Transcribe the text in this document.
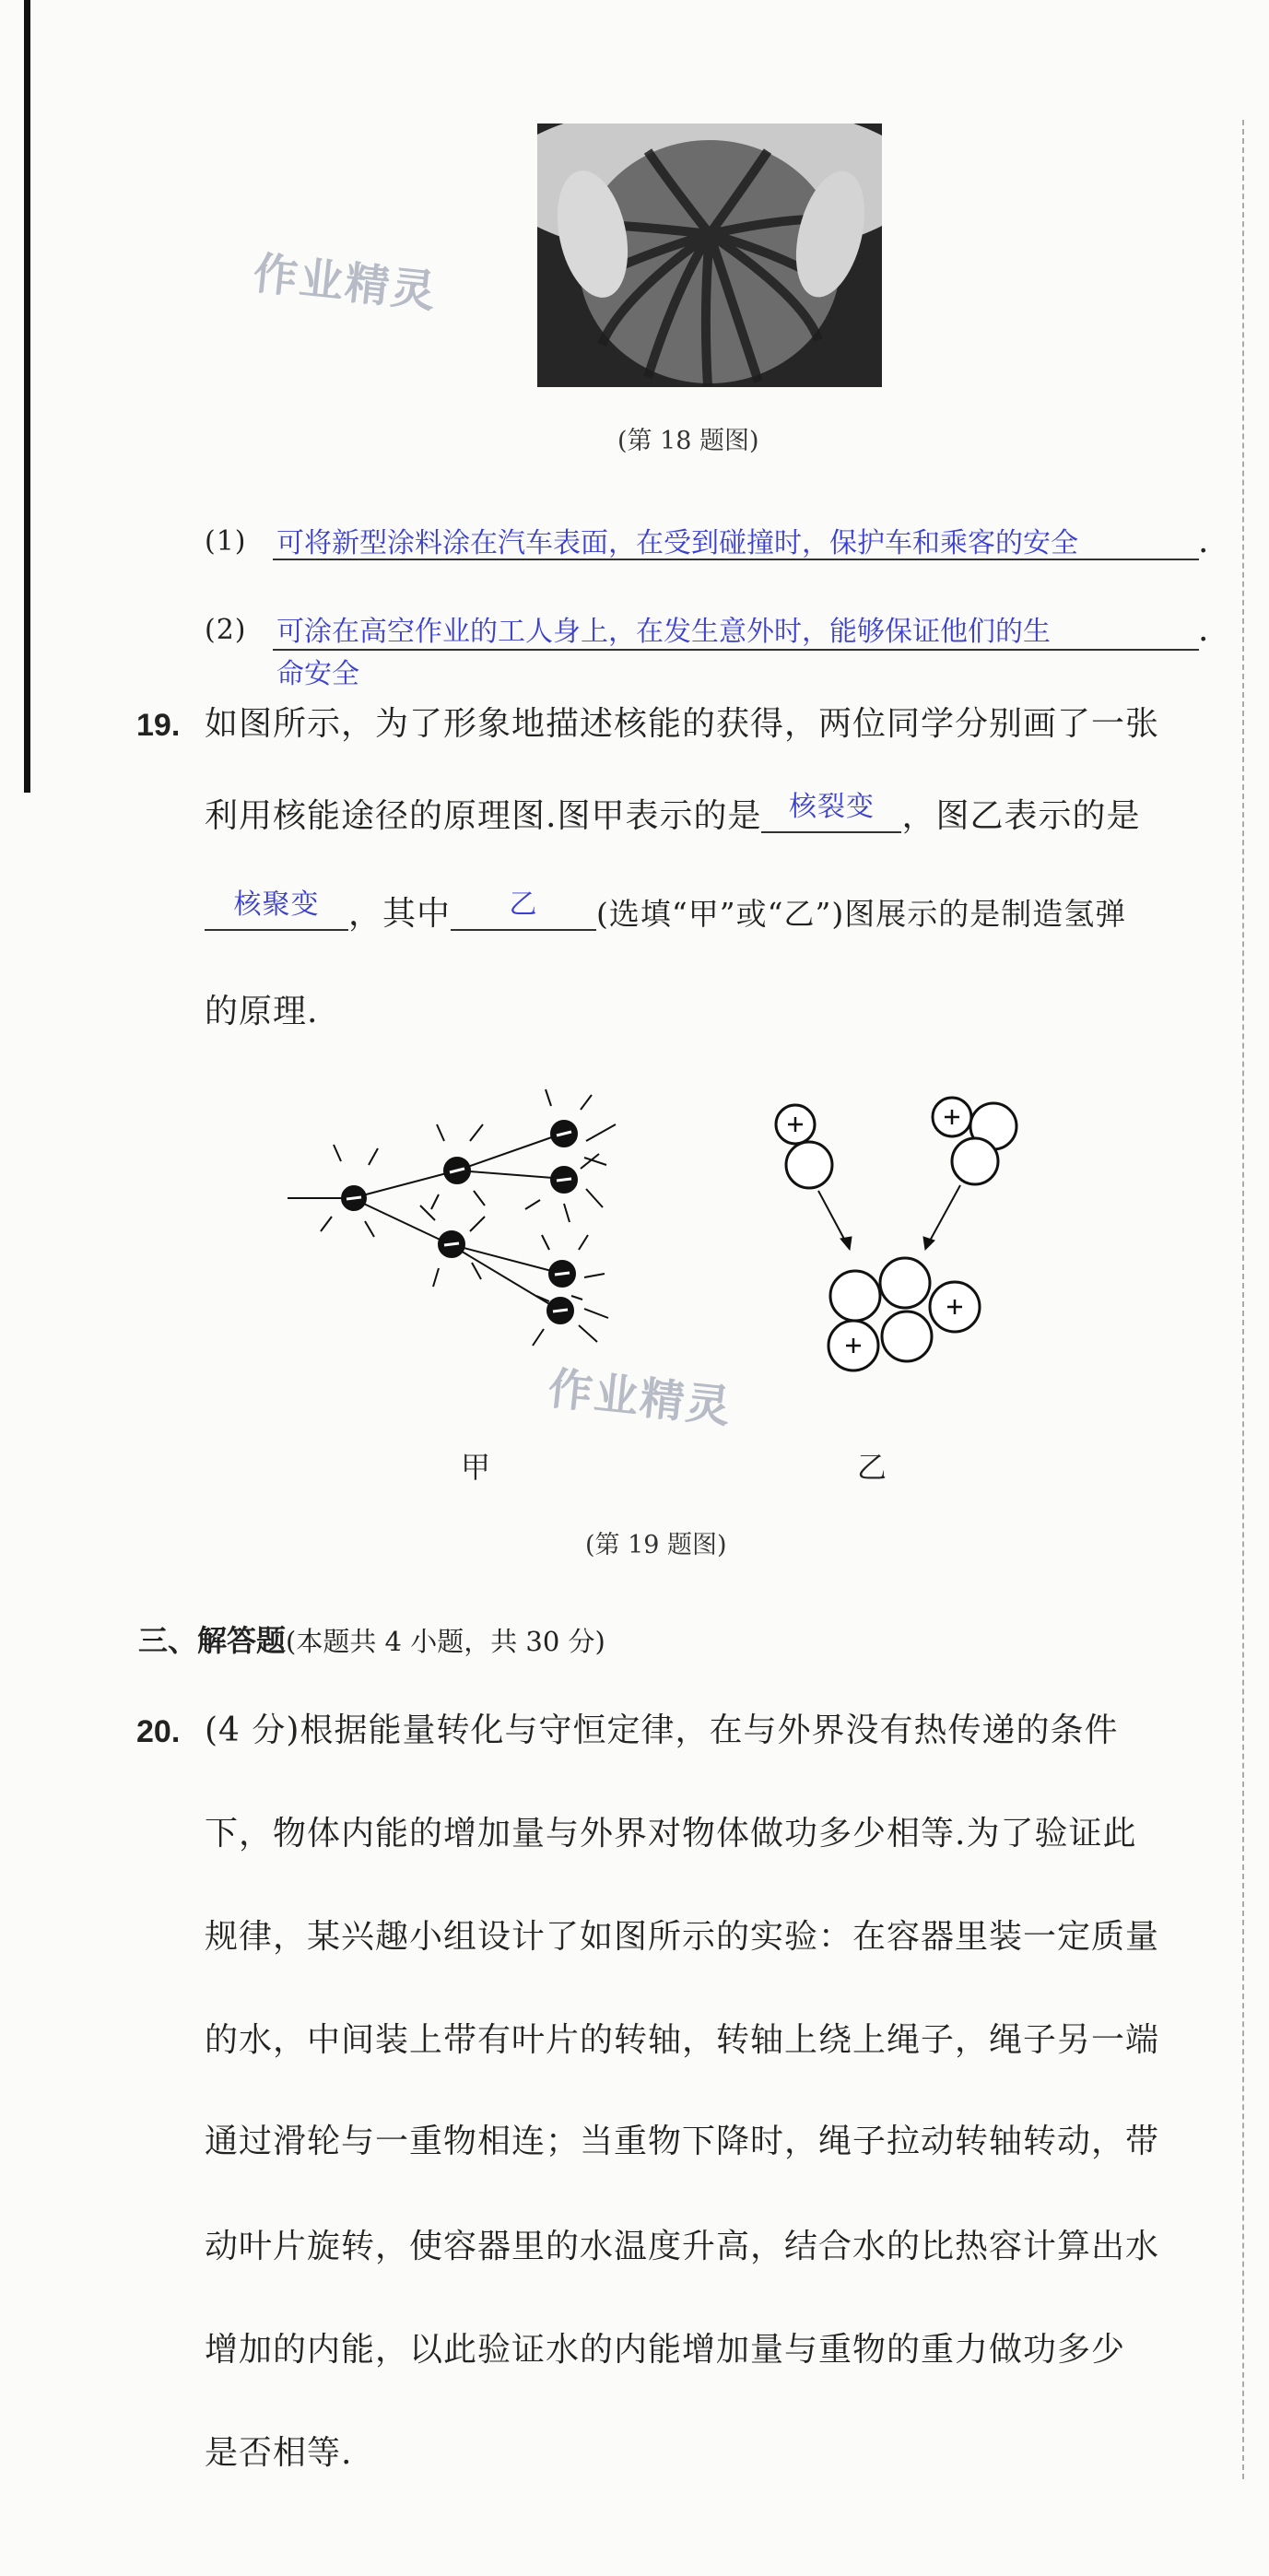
作业精灵
(第 18 题图)
(1) 可将新型涂料涂在汽车表面，在受到碰撞时，保护车和乘客的安全	.
(2) 可涂在高空作业的工人身上，在发生意外时，能够保证他们的生	.
命安全
19. 如图所示，为了形象地描述核能的获得，两位同学分别画了一张
利用核能途径的原理图.图甲表示的是 核裂变 ，图乙表示的是
核聚变 ，其中	乙	(选填“甲”或“乙”)图展示的是制造氢弹
的原理.
作业精灵
甲	乙
(第 19 题图)
三、解答题(本题共 4 小题，共 30 分)
20. (4 分)根据能量转化与守恒定律，在与外界没有热传递的条件
下，物体内能的增加量与外界对物体做功多少相等.为了验证此
规律，某兴趣小组设计了如图所示的实验：在容器里装一定质量
的水，中间装上带有叶片的转轴，转轴上绕上绳子，绳子另一端
通过滑轮与一重物相连；当重物下降时，绳子拉动转轴转动，带
动叶片旋转，使容器里的水温度升高，结合水的比热容计算出水
增加的内能，以此验证水的内能增加量与重物的重力做功多少
是否相等.
